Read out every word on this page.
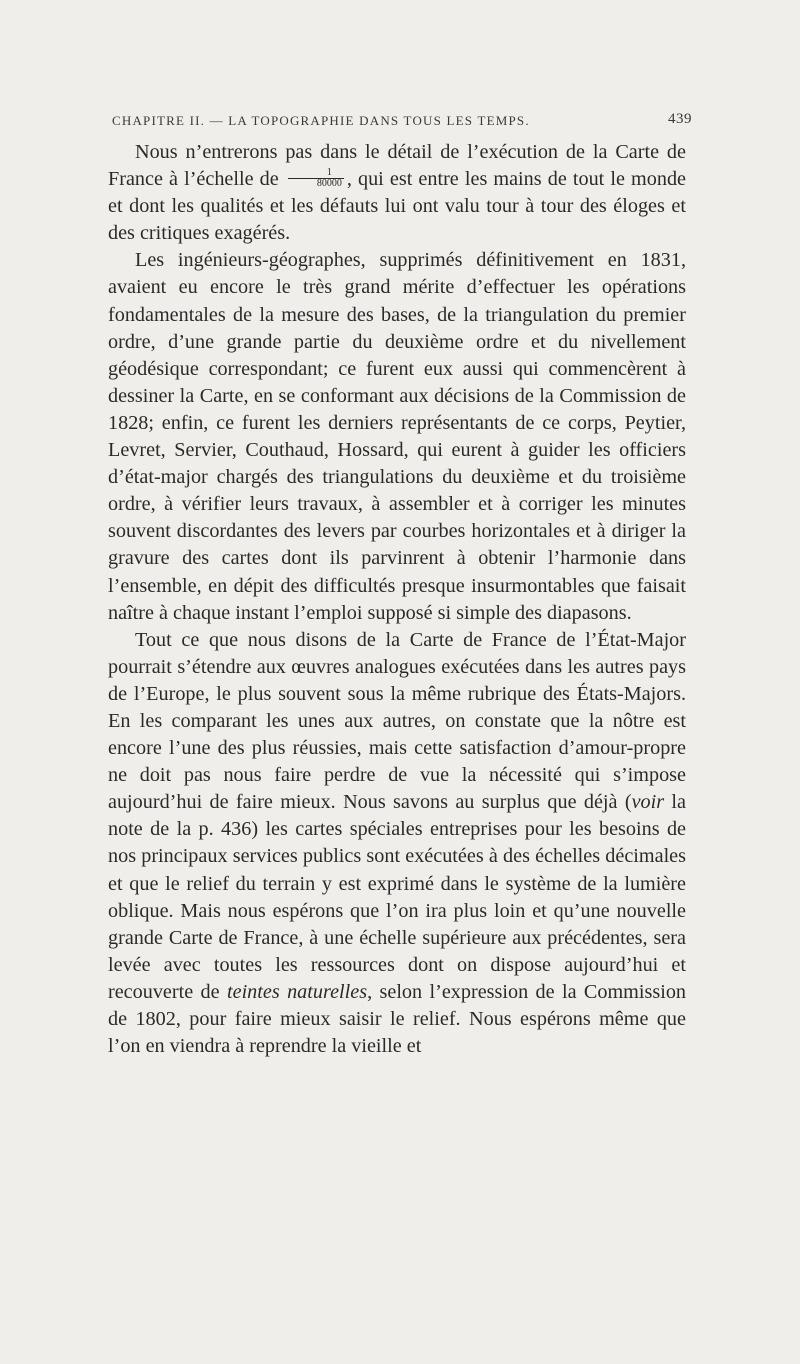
CHAPITRE II. — LA TOPOGRAPHIE DANS TOUS LES TEMPS.	439

Nous n’entrerons pas dans le détail de l’exécution de la Carte de France à l’échelle de $\frac{1}{80000}$ , qui est entre les mains de tout le monde et dont les qualités et les défauts lui ont valu tour à tour des éloges et des critiques exagérés.

Les ingénieurs-géographes, supprimés définitivement en 1831, avaient eu encore le très grand mérite d’effectuer les opérations fondamentales de la mesure des bases, de la triangulation du premier ordre, d’une grande partie du deuxième ordre et du nivellement géodésique correspondant; ce furent eux aussi qui commencèrent à dessiner la Carte, en se conformant aux décisions de la Commission de 1828; enfin, ce furent les derniers représentants de ce corps, Peytier, Levret, Servier, Couthaud, Hossard, qui eurent à guider les officiers d’état-major chargés des triangulations du deuxième et du troisième ordre, à vérifier leurs travaux, à assembler et à corriger les minutes souvent discordantes des levers par courbes horizontales et à diriger la gravure des cartes dont ils parvinrent à obtenir l’harmonie dans l’ensemble, en dépit des difficultés presque insurmontables que faisait naître à chaque instant l’emploi supposé si simple des diapasons.

Tout ce que nous disons de la Carte de France de l’État-Major pourrait s’étendre aux œuvres analogues exécutées dans les autres pays de l’Europe, le plus souvent sous la même rubrique des États-Majors. En les comparant les unes aux autres, on constate que la nôtre est encore l’une des plus réussies, mais cette satisfaction d’amour-propre ne doit pas nous faire perdre de vue la nécessité qui s’impose aujourd’hui de faire mieux. Nous savons au surplus que déjà (voir la note de la p. 436) les cartes spéciales entreprises pour les besoins de nos principaux services publics sont exécutées à des échelles décimales et que le relief du terrain y est exprimé dans le système de la lumière oblique. Mais nous espérons que l’on ira plus loin et qu’une nouvelle grande Carte de France, à une échelle supérieure aux précédentes, sera levée avec toutes les ressources dont on dispose aujourd’hui et recouverte de teintes naturelles, selon l’expression de la Commission de 1802, pour faire mieux saisir le relief. Nous espérons même que l’on en viendra à reprendre la vieille et
